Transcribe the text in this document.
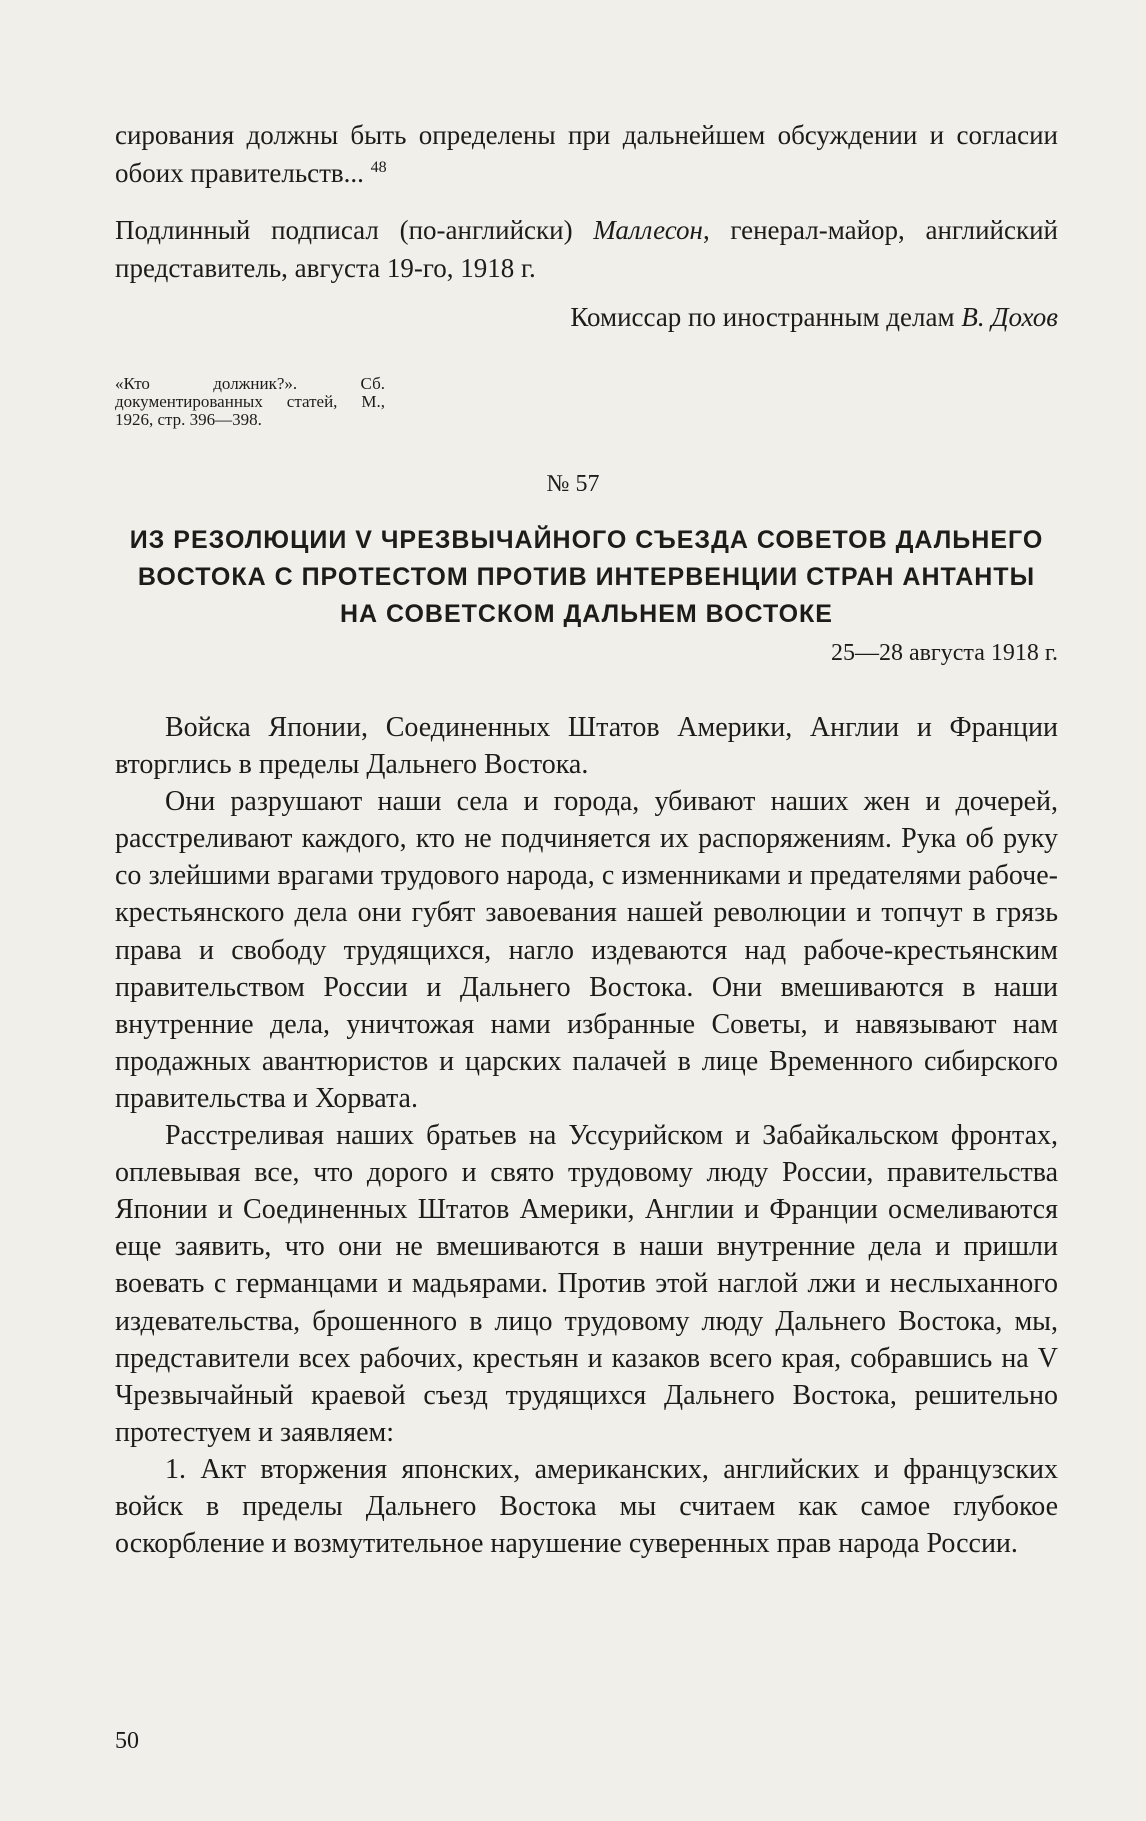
сирования должны быть определены при дальнейшем обсуждении и согласии обоих правительств... $^{48}$

Подлинный подписал (по-английски) Маллесон, генерал-майор, английский представитель, августа 19-го, 1918 г.

Комиссар по иностранным делам В. Дохов

«Кто должник?». Сб. документированных статей, М., 1926, стр. 396—398.

№ 57

ИЗ РЕЗОЛЮЦИИ V ЧРЕЗВЫЧАЙНОГО СЪЕЗДА СОВЕТОВ ДАЛЬНЕГО ВОСТОКА С ПРОТЕСТОМ ПРОТИВ ИНТЕРВЕНЦИИ СТРАН АНТАНТЫ НА СОВЕТСКОМ ДАЛЬНЕМ ВОСТОКЕ

25—28 августа 1918 г.

Войска Японии, Соединенных Штатов Америки, Англии и Франции вторглись в пределы Дальнего Востока.

Они разрушают наши села и города, убивают наших жен и дочерей, расстреливают каждого, кто не подчиняется их распоряжениям. Рука об руку со злейшими врагами трудового народа, с изменниками и предателями рабоче-крестьянского дела они губят завоевания нашей революции и топчут в грязь права и свободу трудящихся, нагло издеваются над рабоче-крестьянским правительством России и Дальнего Востока. Они вмешиваются в наши внутренние дела, уничтожая нами избранные Советы, и навязывают нам продажных авантюристов и царских палачей в лице Временного сибирского правительства и Хорвата.

Расстреливая наших братьев на Уссурийском и Забайкальском фронтах, оплевывая все, что дорого и свято трудовому люду России, правительства Японии и Соединенных Штатов Америки, Англии и Франции осмеливаются еще заявить, что они не вмешиваются в наши внутренние дела и пришли воевать с германцами и мадьярами. Против этой наглой лжи и неслыханного издевательства, брошенного в лицо трудовому люду Дальнего Востока, мы, представители всех рабочих, крестьян и казаков всего края, собравшись на V Чрезвычайный краевой съезд трудящихся Дальнего Востока, решительно протестуем и заявляем:

1. Акт вторжения японских, американских, английских и французских войск в пределы Дальнего Востока мы считаем как самое глубокое оскорбление и возмутительное нарушение суверенных прав народа России.

50
